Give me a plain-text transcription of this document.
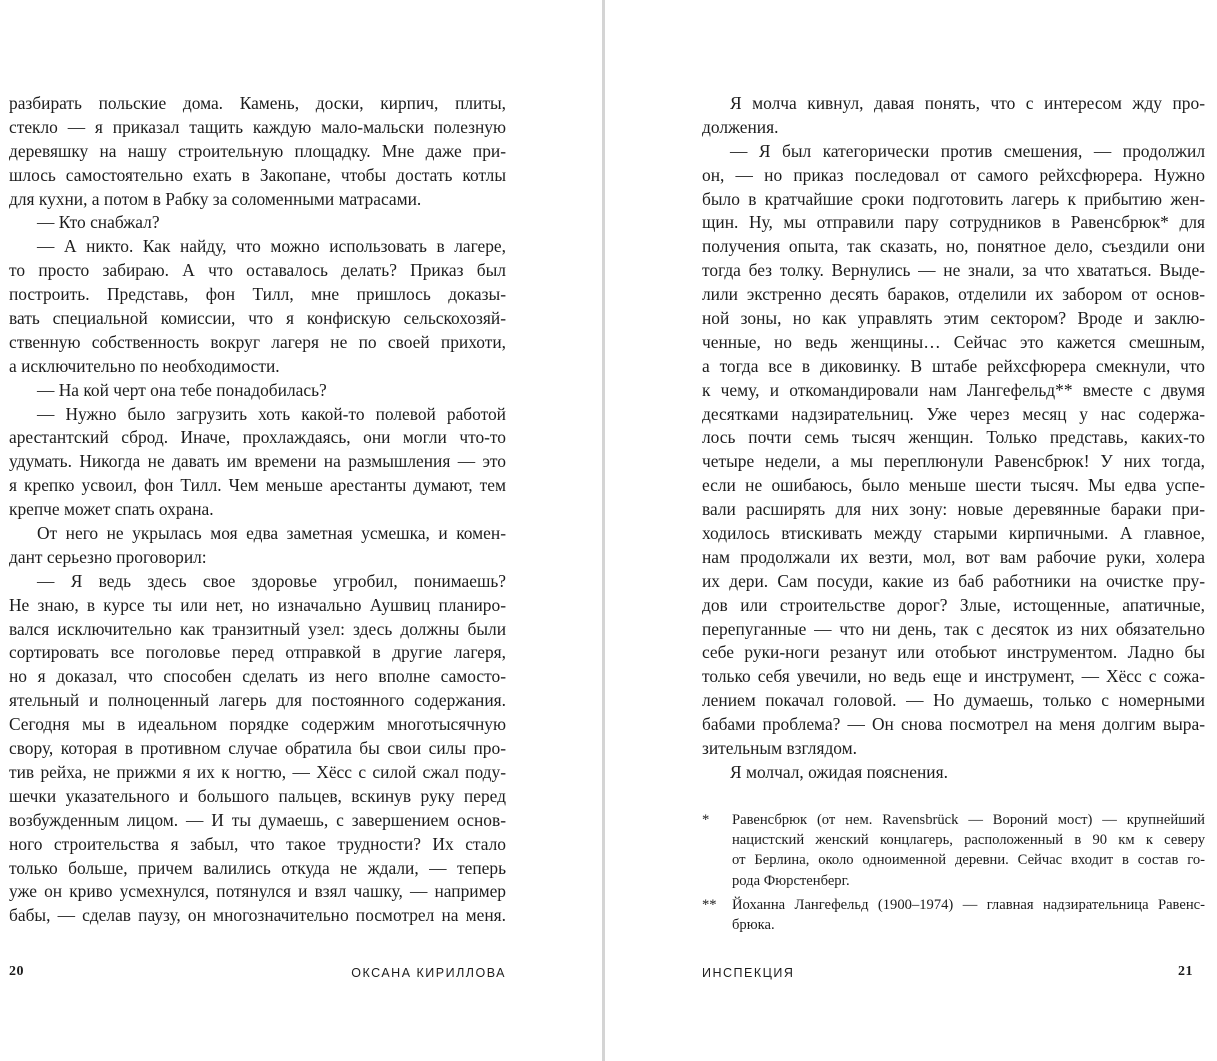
разбирать польские дома. Камень, доски, кирпич, плиты,
стекло — я приказал тащить каждую мало-мальски полезную
деревяшку на нашу строительную площадку. Мне даже при-
шлось самостоятельно ехать в Закопане, чтобы достать котлы
для кухни, а потом в Рабку за соломенными матрасами.
— Кто снабжал?
— А никто. Как найду, что можно использовать в лагере,
то просто забираю. А что оставалось делать? Приказ был
построить. Представь, фон Тилл, мне пришлось доказы-
вать специальной комиссии, что я конфискую сельскохозяй-
ственную собственность вокруг лагеря не по своей прихоти,
а исключительно по необходимости.
— На кой черт она тебе понадобилась?
— Нужно было загрузить хоть какой-то полевой работой
арестантский сброд. Иначе, прохлаждаясь, они могли что-то
удумать. Никогда не давать им времени на размышления — это
я крепко усвоил, фон Тилл. Чем меньше арестанты думают, тем
крепче может спать охрана.
От него не укрылась моя едва заметная усмешка, и комен-
дант серьезно проговорил:
— Я ведь здесь свое здоровье угробил, понимаешь?
Не знаю, в курсе ты или нет, но изначально Аушвиц планиро-
вался исключительно как транзитный узел: здесь должны были
сортировать все поголовье перед отправкой в другие лагеря,
но я доказал, что способен сделать из него вполне самосто-
ятельный и полноценный лагерь для постоянного содержания.
Сегодня мы в идеальном порядке содержим многотысячную
свору, которая в противном случае обратила бы свои силы про-
тив рейха, не прижми я их к ногтю, — Хёсс с силой сжал поду-
шечки указательного и большого пальцев, вскинув руку перед
возбужденным лицом. — И ты думаешь, с завершением основ-
ного строительства я забыл, что такое трудности? Их стало
только больше, причем валились откуда не ждали, — теперь
уже он криво усмехнулся, потянулся и взял чашку, — например
бабы, — сделав паузу, он многозначительно посмотрел на меня.
20	ОКСАНА КИРИЛЛОВА
Я молча кивнул, давая понять, что с интересом жду про-
должения.
— Я был категорически против смешения, — продолжил
он, — но приказ последовал от самого рейхсфюрера. Нужно
было в кратчайшие сроки подготовить лагерь к прибытию жен-
щин. Ну, мы отправили пару сотрудников в Равенсбрюк* для
получения опыта, так сказать, но, понятное дело, съездили они
тогда без толку. Вернулись — не знали, за что хвататься. Выде-
лили экстренно десять бараков, отделили их забором от основ-
ной зоны, но как управлять этим сектором? Вроде и заклю-
ченные, но ведь женщины… Сейчас это кажется смешным,
а тогда все в диковинку. В штабе рейхсфюрера смекнули, что
к чему, и откомандировали нам Лангефельд** вместе с двумя
десятками надзирательниц. Уже через месяц у нас содержа-
лось почти семь тысяч женщин. Только представь, каких-то
четыре недели, а мы переплюнули Равенсбрюк! У них тогда,
если не ошибаюсь, было меньше шести тысяч. Мы едва успе-
вали расширять для них зону: новые деревянные бараки при-
ходилось втискивать между старыми кирпичными. А главное,
нам продолжали их везти, мол, вот вам рабочие руки, холера
их дери. Сам посуди, какие из баб работники на очистке пру-
дов или строительстве дорог? Злые, истощенные, апатичные,
перепуганные — что ни день, так с десяток из них обязательно
себе руки-ноги резанут или отобьют инструментом. Ладно бы
только себя увечили, но ведь еще и инструмент, — Хёсс с сожа-
лением покачал головой. — Но думаешь, только с номерными
бабами проблема? — Он снова посмотрел на меня долгим выра-
зительным взглядом.
Я молчал, ожидая пояснения.
* Равенсбрюк (от нем. Ravensbrück — Вороний мост) — крупнейший
нацистский женский концлагерь, расположенный в 90 км к северу
от Берлина, около одноименной деревни. Сейчас входит в состав го-
рода Фюрстенберг.
** Йоханна Лангефельд (1900–1974) — главная надзирательница Равенс-
брюка.
ИНСПЕКЦИЯ	21
